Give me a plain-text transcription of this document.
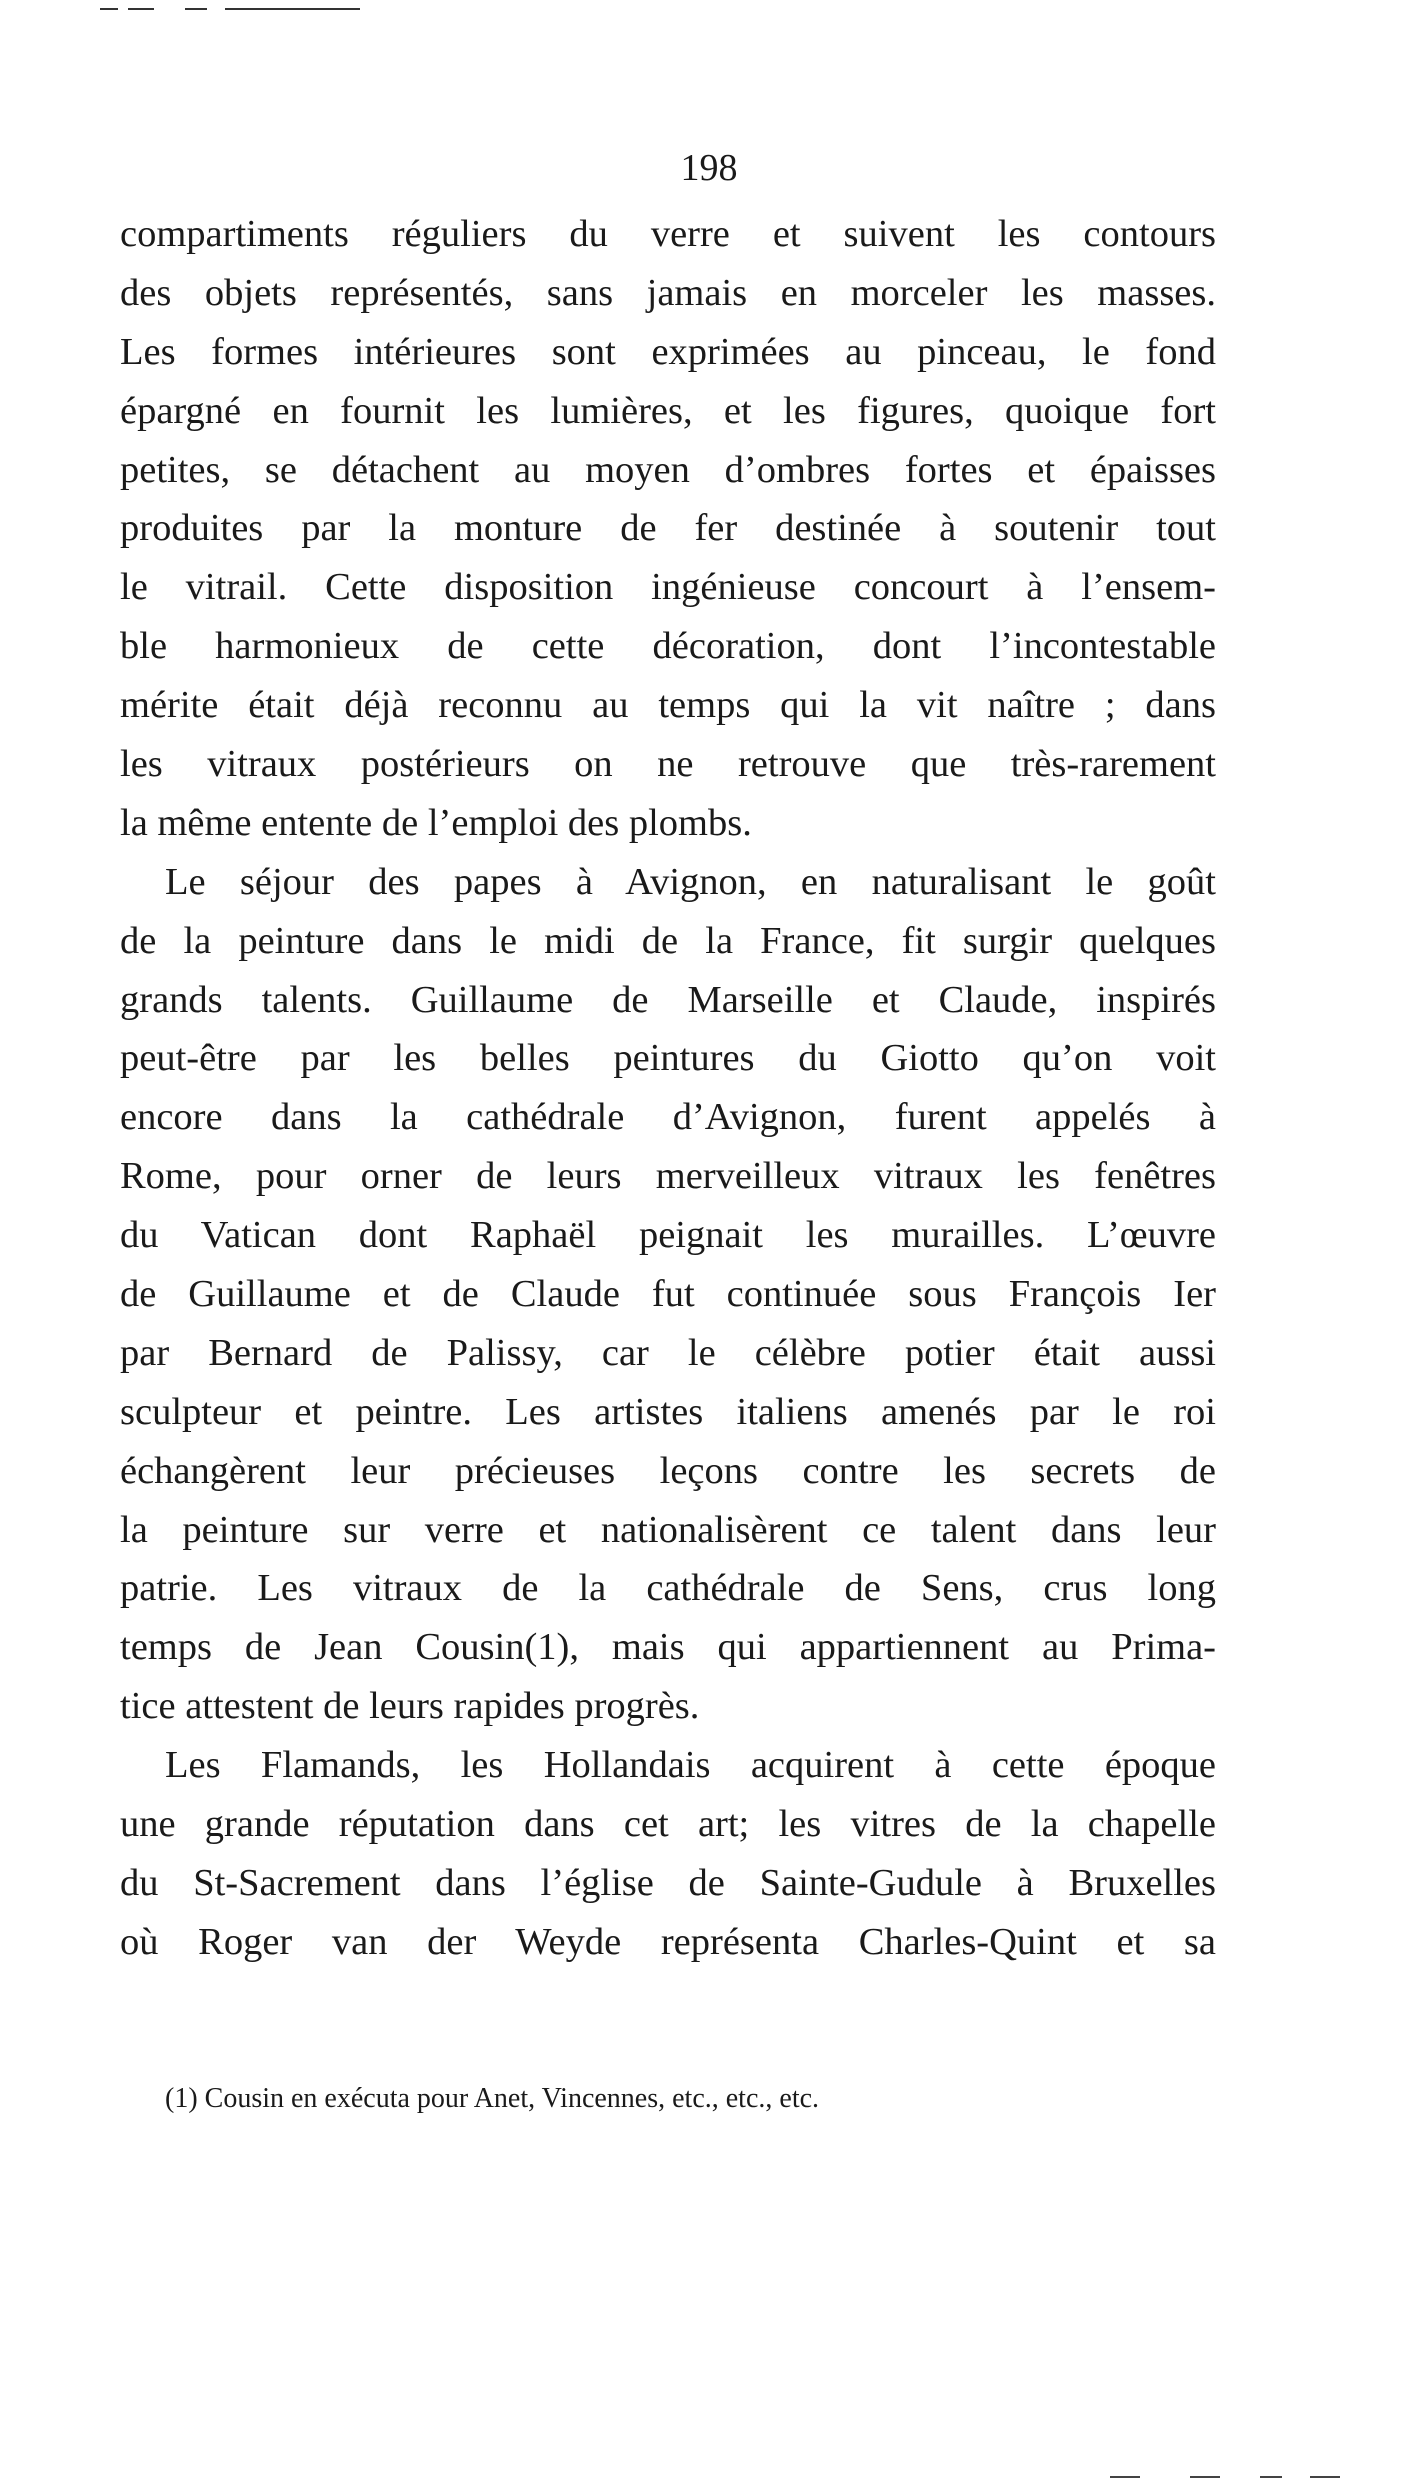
198
compartiments réguliers du verre et suivent les contours
des objets représentés, sans jamais en morceler les masses.
Les formes intérieures sont exprimées au pinceau, le fond
épargné en fournit les lumières, et les figures, quoique fort
petites, se détachent au moyen d’ombres fortes et épaisses
produites par la monture de fer destinée à soutenir tout
le vitrail. Cette disposition ingénieuse concourt à l’ensem-
ble harmonieux de cette décoration, dont l’incontestable
mérite était déjà reconnu au temps qui la vit naître ; dans
les vitraux postérieurs on ne retrouve que très-rarement
la même entente de l’emploi des plombs.
Le séjour des papes à Avignon, en naturalisant le goût
de la peinture dans le midi de la France, fit surgir quelques
grands talents. Guillaume de Marseille et Claude, inspirés
peut-être par les belles peintures du Giotto qu’on voit
encore dans la cathédrale d’Avignon, furent appelés à
Rome, pour orner de leurs merveilleux vitraux les fenêtres
du Vatican dont Raphaël peignait les murailles. L’œuvre
de Guillaume et de Claude fut continuée sous François Ier
par Bernard de Palissy, car le célèbre potier était aussi
sculpteur et peintre. Les artistes italiens amenés par le roi
échangèrent leur précieuses leçons contre les secrets de
la peinture sur verre et nationalisèrent ce talent dans leur
patrie. Les vitraux de la cathédrale de Sens, crus long
temps de Jean Cousin(1), mais qui appartiennent au Prima-
tice attestent de leurs rapides progrès.
Les Flamands, les Hollandais acquirent à cette époque
une grande réputation dans cet art; les vitres de la chapelle
du St-Sacrement dans l’église de Sainte-Gudule à Bruxelles
où Roger van der Weyde représenta Charles-Quint et sa
(1) Cousin en exécuta pour Anet, Vincennes, etc., etc., etc.
